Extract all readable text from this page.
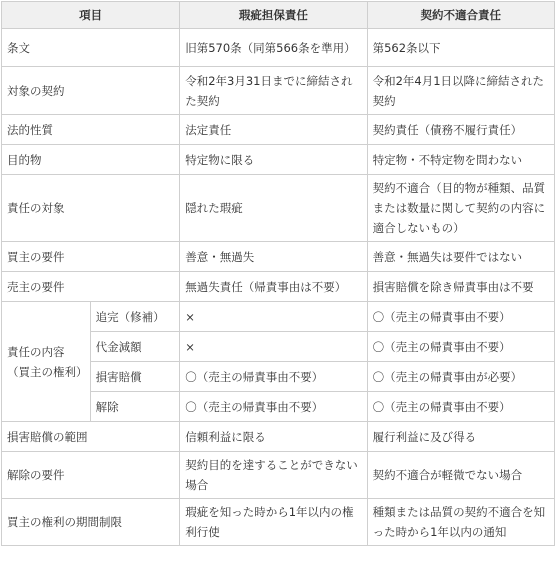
項目		瑕疵担保責任	契約不適合責任
条文		旧第570条（同第566条を準用）	第562条以下
対象の契約		令和2年3月31日までに締結された契約	令和2年4月1日以降に締結された契約
法的性質		法定責任	契約責任（債務不履行責任）
目的物		特定物に限る	特定物・不特定物を問わない
責任の対象		隠れた瑕疵	契約不適合（目的物が種類、品質または数量に関して契約の内容に適合しないもの）
買主の要件		善意・無過失	善意・無過失は要件ではない
売主の要件		無過失責任（帰責事由は不要）	損害賠償を除き帰責事由は不要
責任の内容（買主の権利）	追完（修補）	×	〇（売主の帰責事由不要）
	代金減額	×	〇（売主の帰責事由不要）
	損害賠償	〇（売主の帰責事由不要）	〇（売主の帰責事由が必要）
	解除	〇（売主の帰責事由不要）	〇（売主の帰責事由不要）
損害賠償の範囲		信頼利益に限る	履行利益に及び得る
解除の要件		契約目的を達することができない場合	契約不適合が軽微でない場合
買主の権利の期間制限		瑕疵を知った時から1年以内の権利行使	種類または品質の契約不適合を知った時から1年以内の通知
